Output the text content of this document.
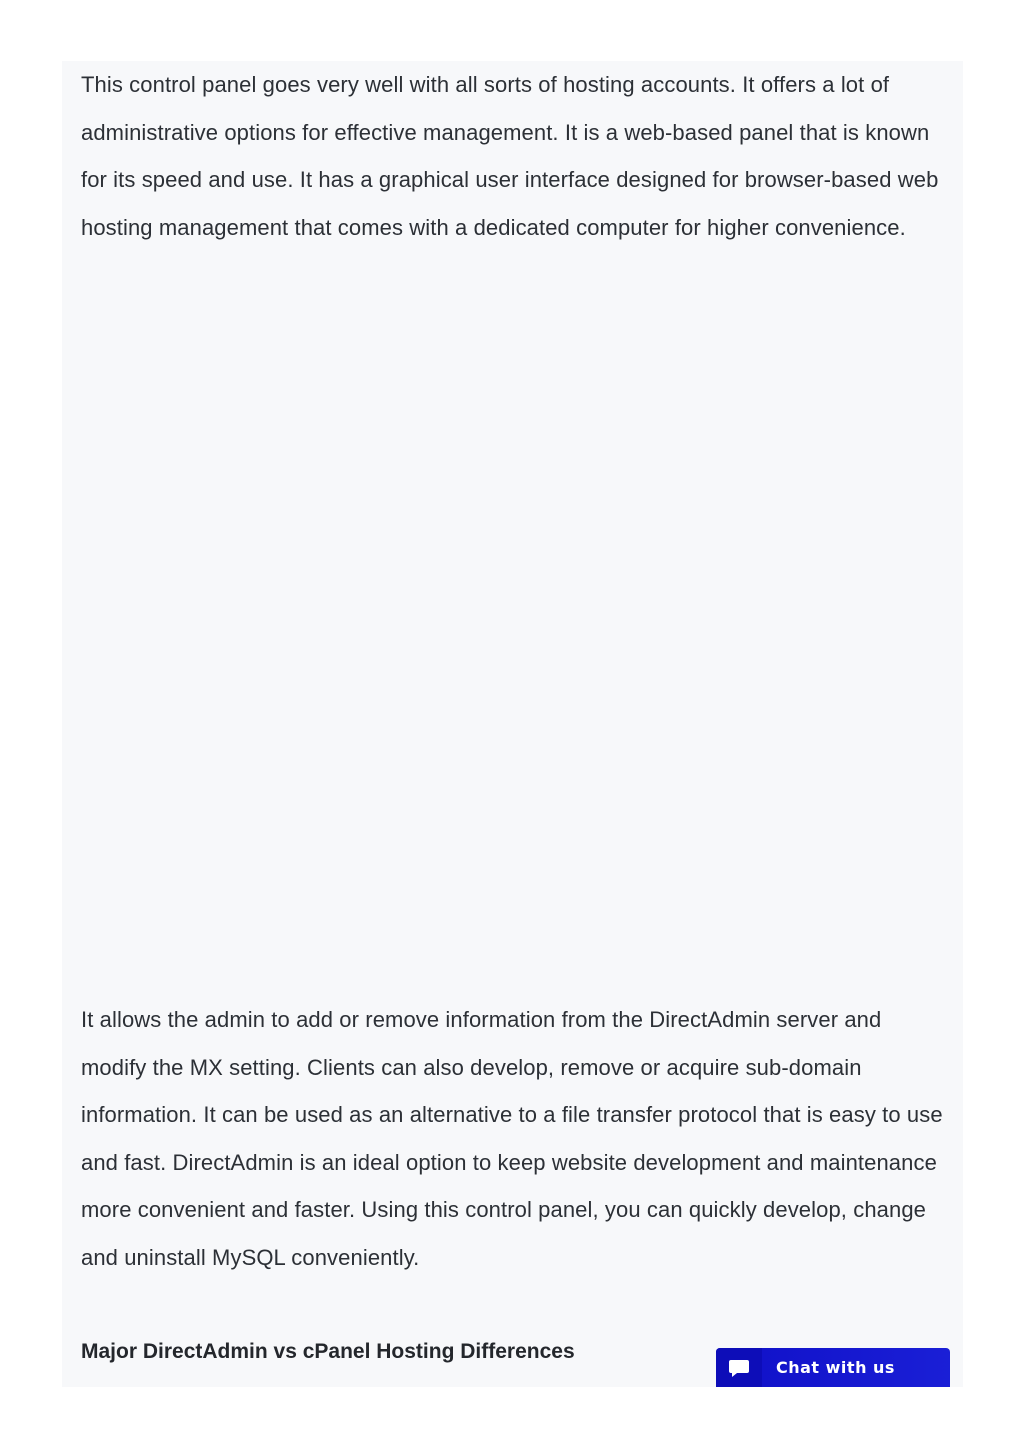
This control panel goes very well with all sorts of hosting accounts. It offers a lot of administrative options for effective management. It is a web-based panel that is known for its speed and use. It has a graphical user interface designed for browser-based web hosting management that comes with a dedicated computer for higher convenience.

It allows the admin to add or remove information from the DirectAdmin server and modify the MX setting. Clients can also develop, remove or acquire sub-domain information. It can be used as an alternative to a file transfer protocol that is easy to use and fast. DirectAdmin is an ideal option to keep website development and maintenance more convenient and faster. Using this control panel, you can quickly develop, change and uninstall MySQL conveniently.

Major DirectAdmin vs cPanel Hosting Differences
Chat with us
